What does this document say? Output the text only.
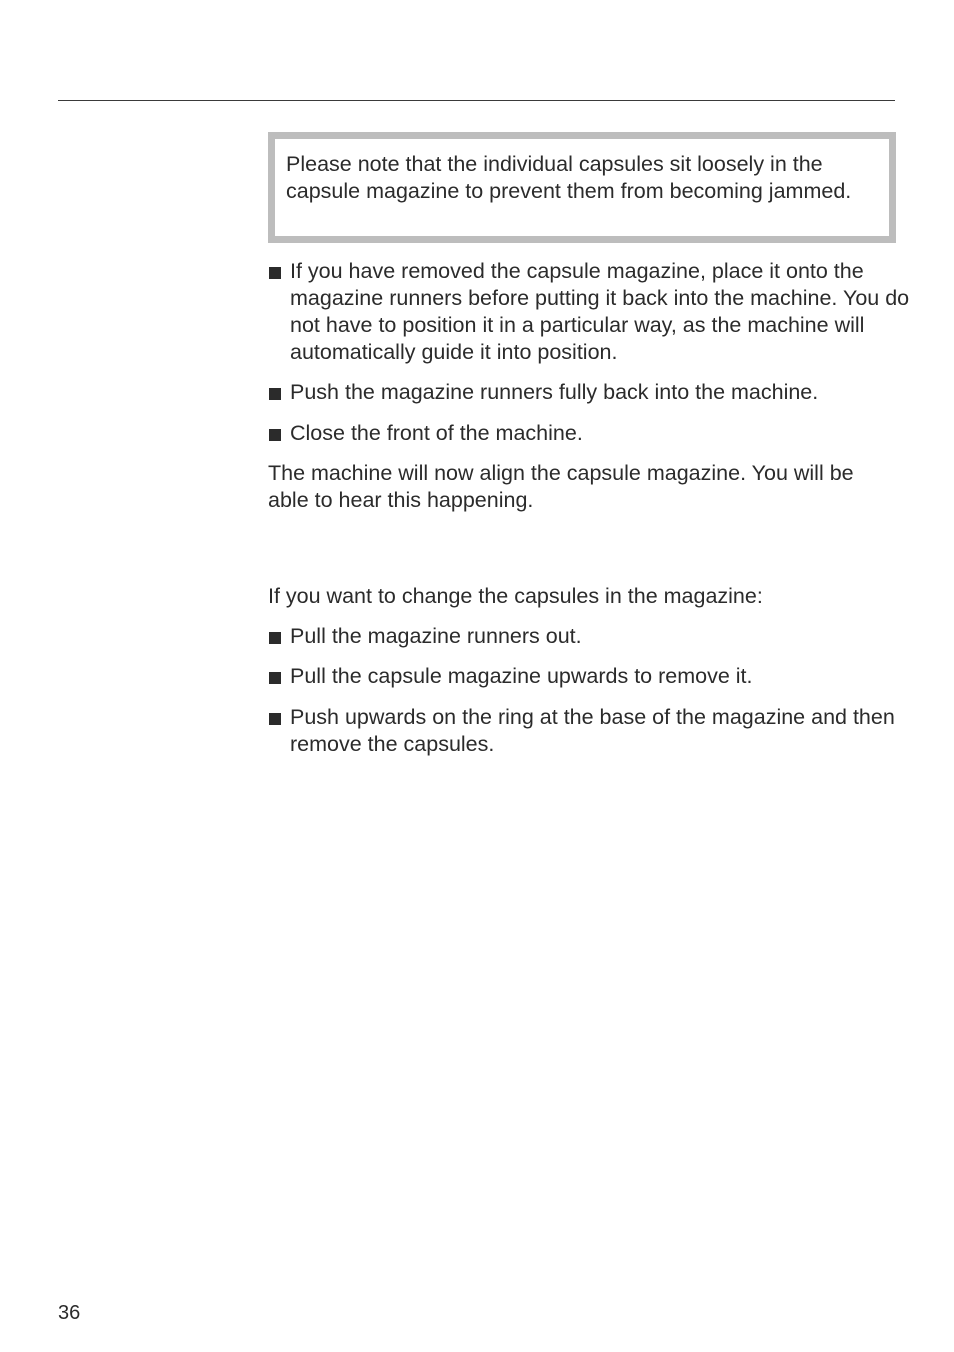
Please note that the individual capsules sit loosely in the capsule magazine to prevent them from becoming jammed.
If you have removed the capsule magazine, place it onto the magazine runners before putting it back into the machine. You do not have to position it in a particular way, as the machine will automatically guide it into position.
Push the magazine runners fully back into the machine.
Close the front of the machine.
The machine will now align the capsule magazine. You will be able to hear this happening.
If you want to change the capsules in the magazine:
Pull the magazine runners out.
Pull the capsule magazine upwards to remove it.
Push upwards on the ring at the base of the magazine and then remove the capsules.
36
